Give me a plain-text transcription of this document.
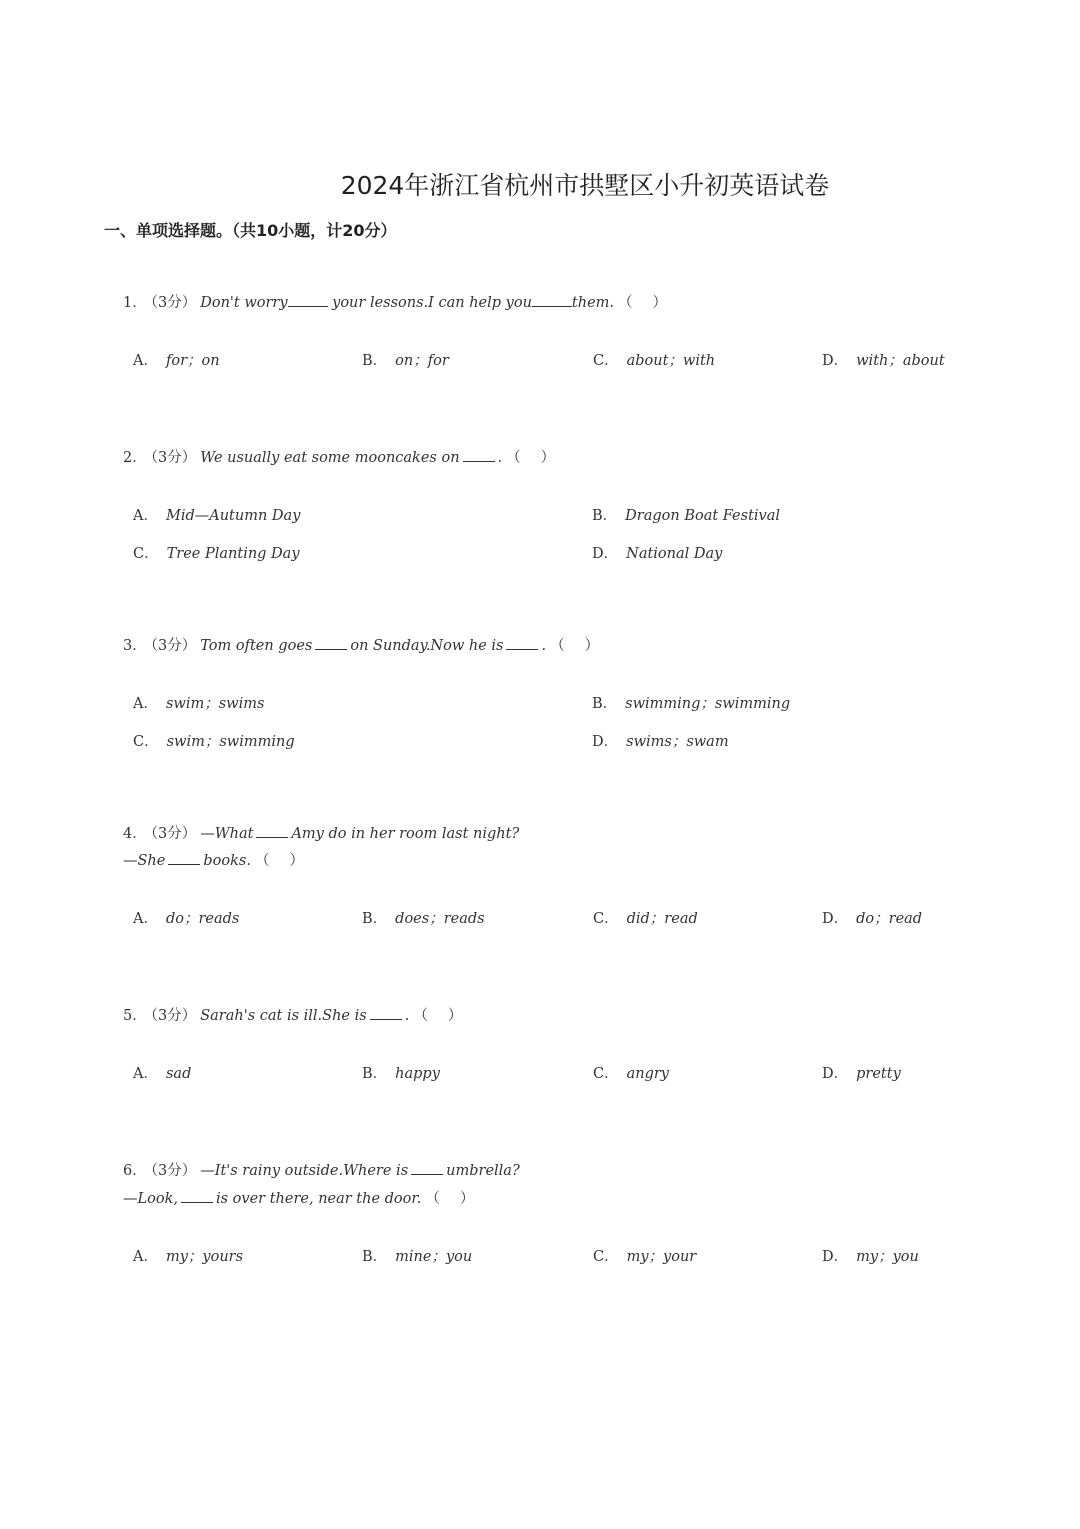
2024年浙江省杭州市拱墅区小升初英语试卷
一、单项选择题。（共10小题，计20分）
1． （3分） Don't worry	your lessons.I can help you	them. （ ）
A． for；on	B． on；for	C． about；with	D． with；about
2． （3分） We usually eat some mooncakes on	. （ ）
A． Mid—Autumn Day	B． Dragon Boat Festival
C． Tree Planting Day	D． National Day
3． （3分） Tom often goes	on Sunday.Now he is	. （ ）
A． swim；swims	B． swimming；swimming
C． swim；swimming	D． swims；swam
4． （3分） —What	Amy do in her room last night?
—She	books. （ ）
A． do；reads	B． does；reads	C． did；read	D． do；read
5． （3分） Sarah's cat is ill.She is	. （ ）
A． sad	B． happy	C． angry	D． pretty
6． （3分） —It's rainy outside.Where is	umbrella?
—Look,	is over there, near the door. （ ）
A． my；yours	B． mine；you	C． my；your	D． my；you
